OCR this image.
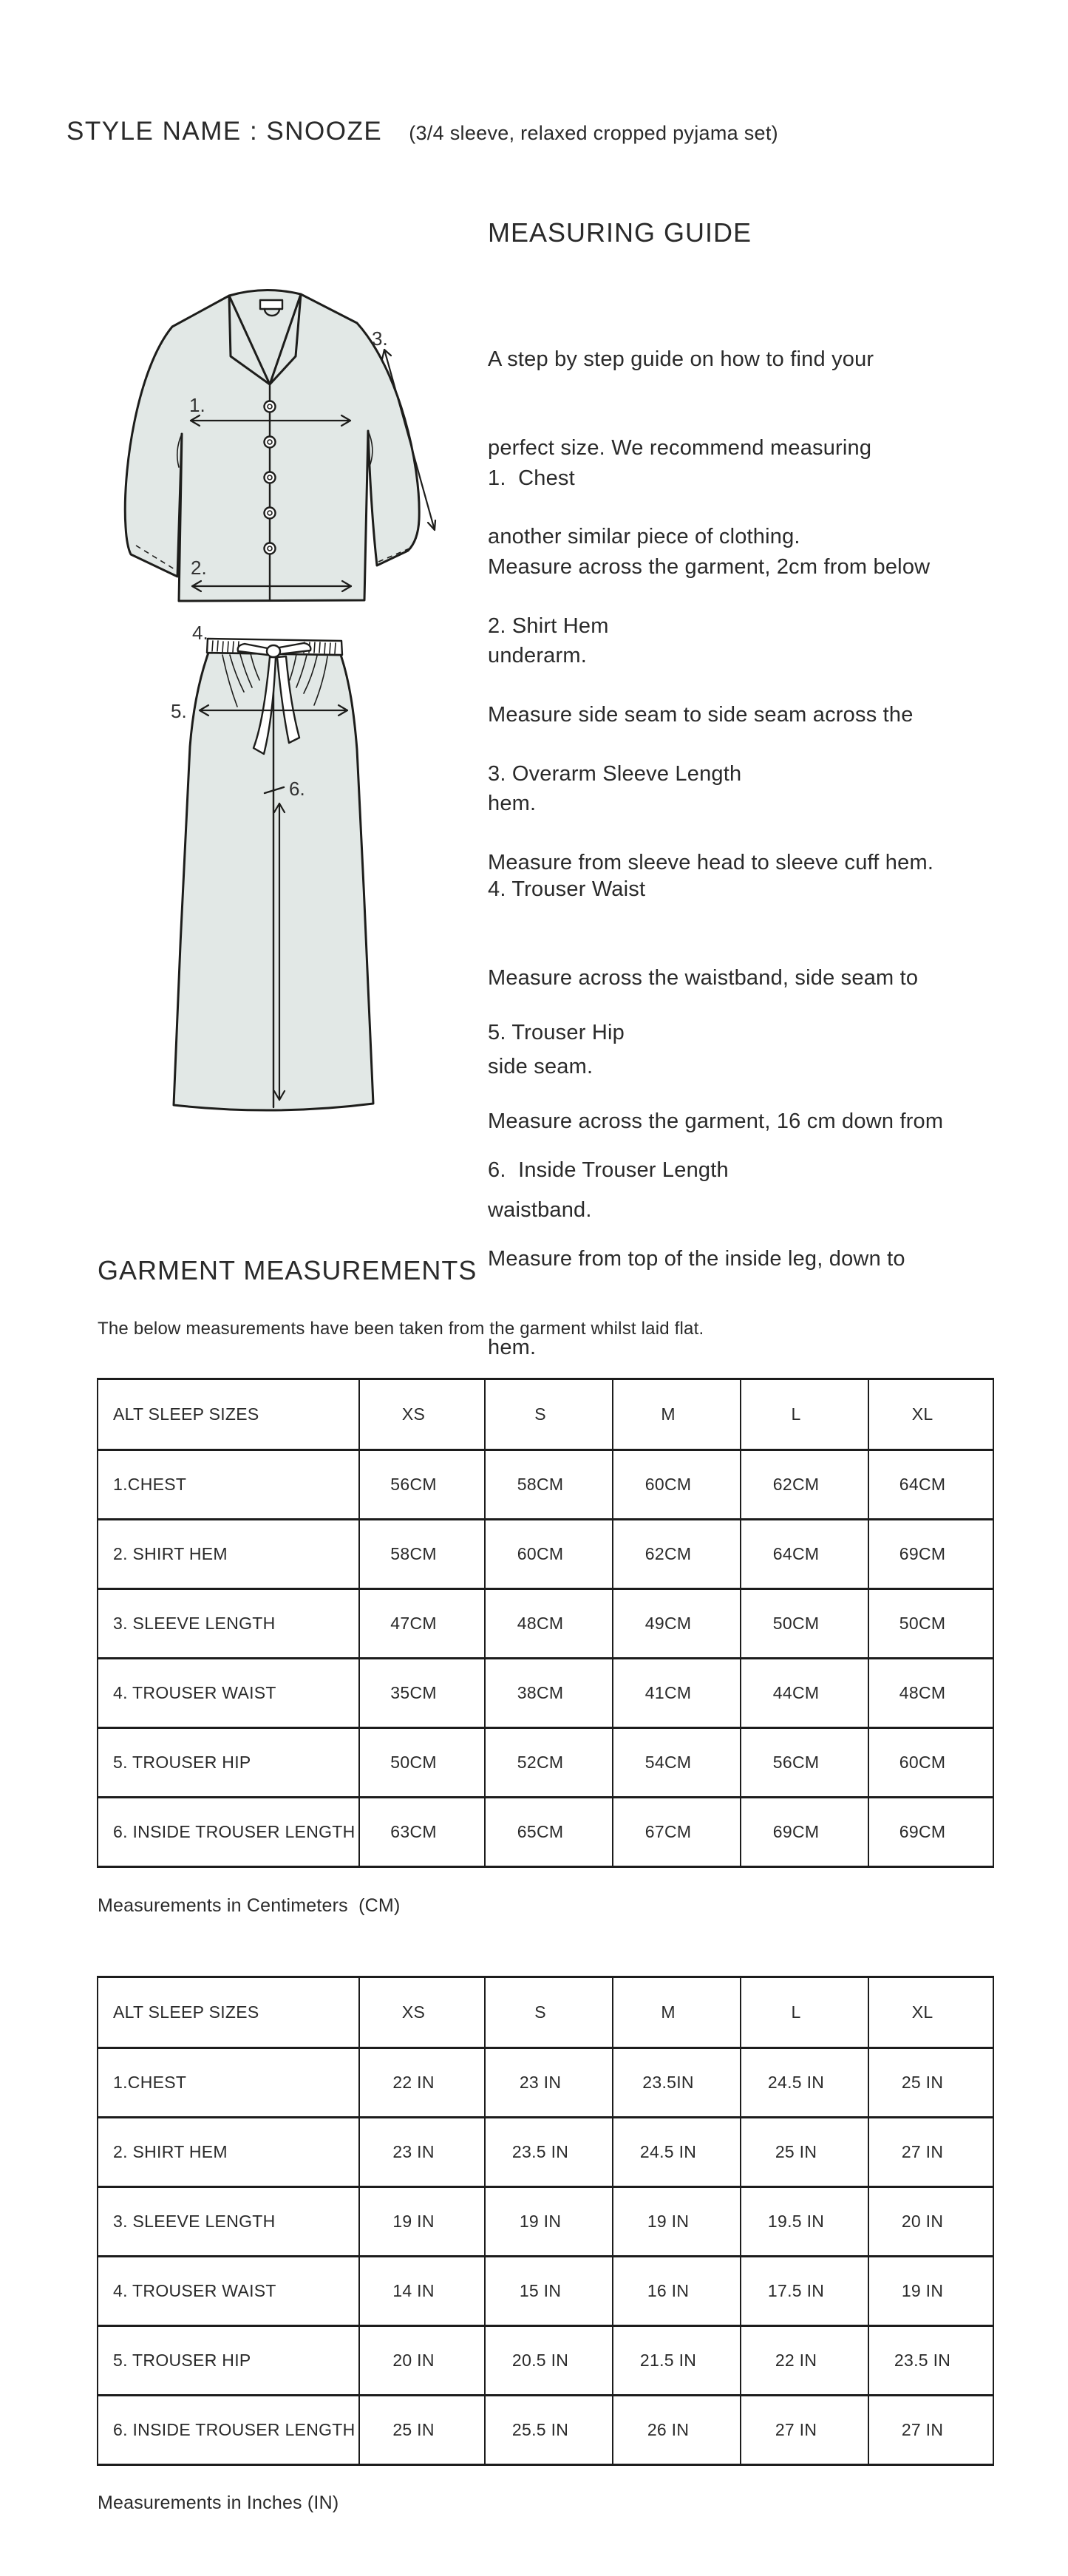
STYLE NAME : SNOOZE (3/4 sleeve, relaxed cropped pyjama set)
1.
2.
3.
4.
5.
6.
MEASURING GUIDE

A step by step guide on how to find your

perfect size. We recommend measuring

another similar piece of clothing.

1.  Chest

Measure across the garment, 2cm from below

underarm.

2. Shirt Hem

Measure side seam to side seam across the

hem.

3. Overarm Sleeve Length

Measure from sleeve head to sleeve cuff hem.

4. Trouser Waist

Measure across the waistband, side seam to

side seam.

5. Trouser Hip

Measure across the garment, 16 cm down from

waistband.

6.  Inside Trouser Length

Measure from top of the inside leg, down to

hem.

GARMENT MEASUREMENTS
The below measurements have been taken from the garment whilst laid flat.
ALT SLEEP SIZES	XS	S	M	L	XL
1.CHEST	56CM	58CM	60CM	62CM	64CM
2. SHIRT HEM	58CM	60CM	62CM	64CM	69CM
3. SLEEVE LENGTH	47CM	48CM	49CM	50CM	50CM
4. TROUSER WAIST	35CM	38CM	41CM	44CM	48CM
5. TROUSER HIP	50CM	52CM	54CM	56CM	60CM
6. INSIDE TROUSER LENGTH	63CM	65CM	67CM	69CM	69CM
Measurements in Centimeters  (CM)
ALT SLEEP SIZES	XS	S	M	L	XL
1.CHEST	22 IN	23 IN	23.5IN	24.5 IN	25 IN
2. SHIRT HEM	23 IN	23.5 IN	24.5 IN	25 IN	27 IN
3. SLEEVE LENGTH	19 IN	19 IN	19 IN	19.5 IN	20 IN
4. TROUSER WAIST	14 IN	15 IN	16 IN	17.5 IN	19 IN
5. TROUSER HIP	20 IN	20.5 IN	21.5 IN	22 IN	23.5 IN
6. INSIDE TROUSER LENGTH	25 IN	25.5 IN	26 IN	27 IN	27 IN
Measurements in Inches (IN)
